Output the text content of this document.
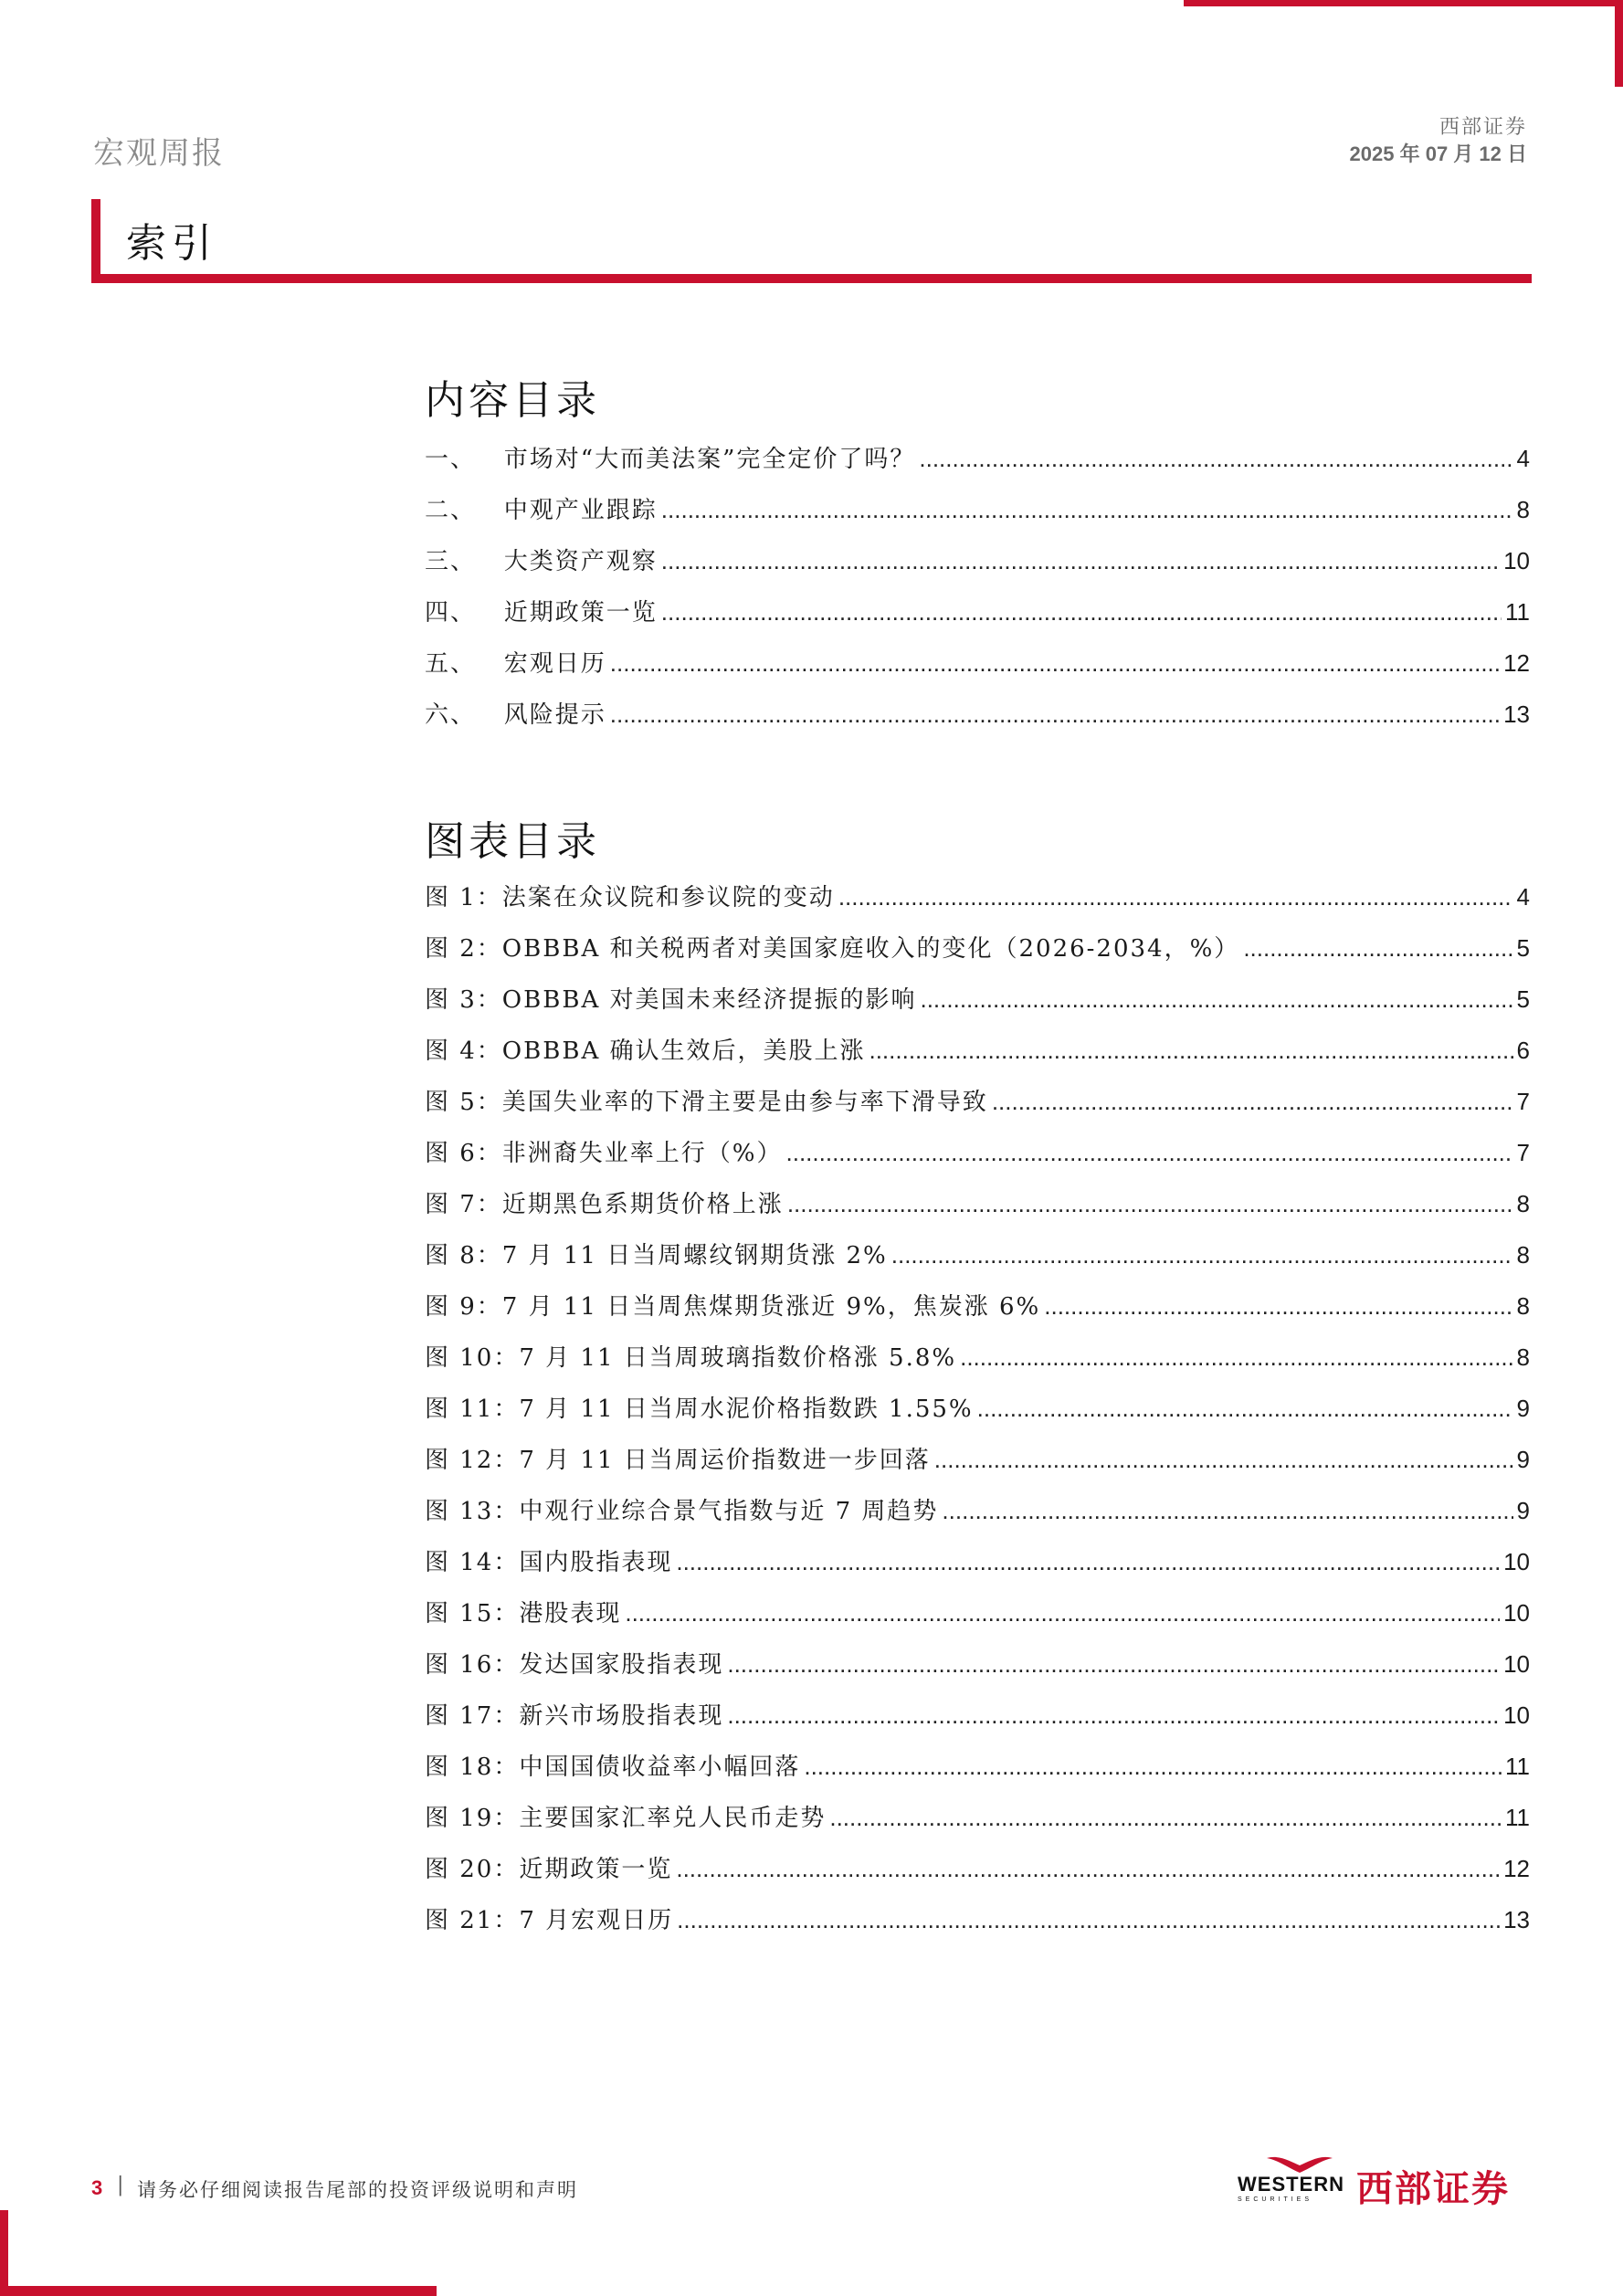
宏观周报
西部证券
2025 年 07 月 12 日
索引
内容目录
一、   市场对“大而美法案”完全定价了吗？ .....	4
二、   中观产业跟踪 .....	8
三、   大类资产观察 .....	10
四、   近期政策一览 .....	11
五、   宏观日历 .....	12
六、   风险提示 .....	13
图表目录
图 1：法案在众议院和参议院的变动 .....	4
图 2：OBBBA 和关税两者对美国家庭收入的变化（2026-2034，%） .....	5
图 3：OBBBA 对美国未来经济提振的影响 .....	5
图 4：OBBBA 确认生效后，美股上涨 .....	6
图 5：美国失业率的下滑主要是由参与率下滑导致 .....	7
图 6：非洲裔失业率上行（%） .....	7
图 7：近期黑色系期货价格上涨 .....	8
图 8：7 月 11 日当周螺纹钢期货涨 2% .....	8
图 9：7 月 11 日当周焦煤期货涨近 9%，焦炭涨 6% .....	8
图 10：7 月 11 日当周玻璃指数价格涨 5.8% .....	8
图 11：7 月 11 日当周水泥价格指数跌 1.55% .....	9
图 12：7 月 11 日当周运价指数进一步回落 .....	9
图 13：中观行业综合景气指数与近 7 周趋势 .....	9
图 14：国内股指表现 .....	10
图 15：港股表现 .....	10
图 16：发达国家股指表现 .....	10
图 17：新兴市场股指表现 .....	10
图 18：中国国债收益率小幅回落 .....	11
图 19：主要国家汇率兑人民币走势 .....	11
图 20：近期政策一览 .....	12
图 21：7 月宏观日历 .....	13
3 | 请务必仔细阅读报告尾部的投资评级说明和声明	WESTERN
SECURITIES 西部证券
